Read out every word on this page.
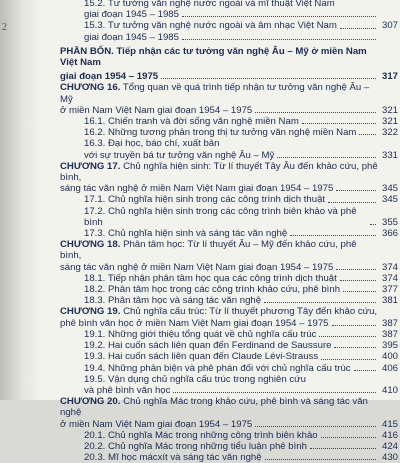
2
15.2. Tư tưởng văn nghệ nước ngoài và mĩ thuật Việt Nam
giai đoạn 1945 – 1985
15.3. Tư tưởng văn nghệ nước ngoài và âm nhạc Việt Nam	307
giai đoạn 1945 – 1985
PHẦN BỐN. Tiếp nhận các tư tưởng văn nghệ Âu – Mỹ ở miền Nam Việt Nam
giai đoạn 1954 – 1975	317
CHƯƠNG 16. Tổng quan về quá trình tiếp nhận tư tưởng văn nghệ Âu – Mỹ
ở miền Nam Việt Nam giai đoạn 1954 – 1975	321
16.1. Chiến tranh và đời sống văn nghệ miền Nam	321
16.2. Những tương phản trong thị tư tưởng văn nghệ miền Nam	322
16.3. Đại học, báo chí, xuất bản
với sự truyền bá tư tưởng văn nghệ Âu – Mỹ	331
CHƯƠNG 17. Chủ nghĩa hiện sinh: Từ lí thuyết Tây Âu đến khảo cứu, phê bình,
sáng tác văn nghệ ở miền Nam Việt Nam giai đoạn 1954 – 1975	345
17.1. Chủ nghĩa hiện sinh trong các công trình dịch thuật	345
17.2. Chủ nghĩa hiện sinh trong các công trình biên khảo và phê bình	355
17.3. Chủ nghĩa hiện sinh và sáng tác văn nghệ	366
CHƯƠNG 18. Phân tâm học: Từ lí thuyết Âu – Mỹ đến khảo cứu, phê bình,
sáng tác văn nghệ ở miền Nam Việt Nam giai đoạn 1954 – 1975	374
18.1. Tiếp nhận phân tâm học qua các công trình dịch thuật	374
18.2. Phân tâm học trong các công trình khảo cứu, phê bình	377
18.3. Phân tâm học và sáng tác văn nghệ	381
CHƯƠNG 19. Chủ nghĩa cấu trúc: Từ lí thuyết phương Tây đến khảo cứu,
phê bình văn học ở miền Nam Việt Nam giai đoạn 1954 – 1975	387
19.1. Những giới thiệu tổng quát về chủ nghĩa cấu trúc	387
19.2. Hai cuốn sách liên quan đến Ferdinand de Saussure	395
19.3. Hai cuốn sách liên quan đến Claude Lévi-Strauss	400
19.4. Những phản biện và phê phán đối với chủ nghĩa cấu trúc	406
19.5. Vận dụng chủ nghĩa cấu trúc trong nghiên cứu
và phê bình văn học	410
CHƯƠNG 20. Chủ nghĩa Mác trong khảo cứu, phê bình và sáng tác văn nghệ
ở miền Nam Việt Nam giai đoạn 1954 – 1975	415
20.1. Chủ nghĩa Mác trong những công trình biên khảo	416
20.2. Chủ nghĩa Mác trong những tiểu luận phê bình	424
20.3. Mĩ học mácxít và sáng tác văn nghệ	430
